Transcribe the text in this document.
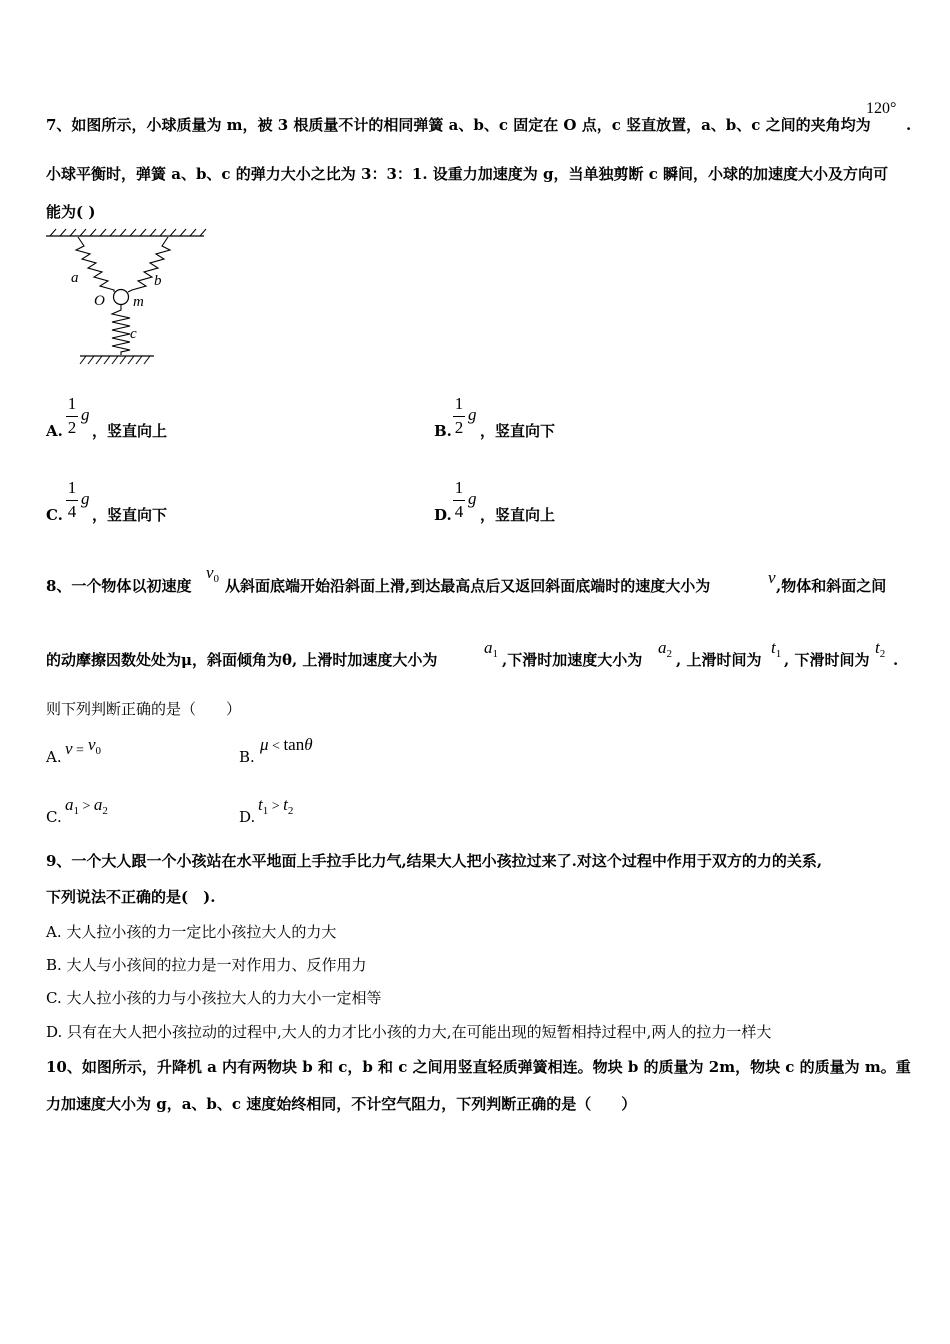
7、如图所示，小球质量为 m，被 3 根质量不计的相同弹簧 a、b、c 固定在 O 点，c 竖直放置，a、b、c 之间的夹角均为
120°
.
小球平衡时，弹簧 a、b、c 的弹力大小之比为 3：3：1. 设重力加速度为 g，当单独剪断 c 瞬间，小球的加速度大小及方向可
能为( )
a	b
O m
c
A.
1
2
g
，竖直向上	B.
1
2
g
，竖直向下
C.
1
4
g
，竖直向下	D.
1
4
g
，竖直向上
8、一个物体以初速度
$v_0$ 从斜面底端开始沿斜面上滑,到达最高点后又返回斜面底端时的速度大小为	v ,物体和斜面之间
的动摩擦因数处处为μ，斜面倾角为θ, 上滑时加速度大小为
$a_1$ ,下滑时加速度大小为
$a_2$ , 上滑时间为
$t_1$ , 下滑时间为
$t_2$ .
则下列判断正确的是（　　）
A. $v = v_0$	B.
μ < tanθ
C.
$a_1 > a_2$	D.
$t_1 > t_2$
9、一个大人跟一个小孩站在水平地面上手拉手比力气,结果大人把小孩拉过来了.对这个过程中作用于双方的力的关系,
下列说法不正确的是(　).
A. 大人拉小孩的力一定比小孩拉大人的力大
B. 大人与小孩间的拉力是一对作用力、反作用力
C. 大人拉小孩的力与小孩拉大人的力大小一定相等
D. 只有在大人把小孩拉动的过程中,大人的力才比小孩的力大,在可能出现的短暂相持过程中,两人的拉力一样大
10、如图所示，升降机 a 内有两物块 b 和 c，b 和 c 之间用竖直轻质弹簧相连。物块 b 的质量为 2m，物块 c 的质量为 m。重
力加速度大小为 g，a、b、c 速度始终相同，不计空气阻力，下列判断正确的是（　　）
